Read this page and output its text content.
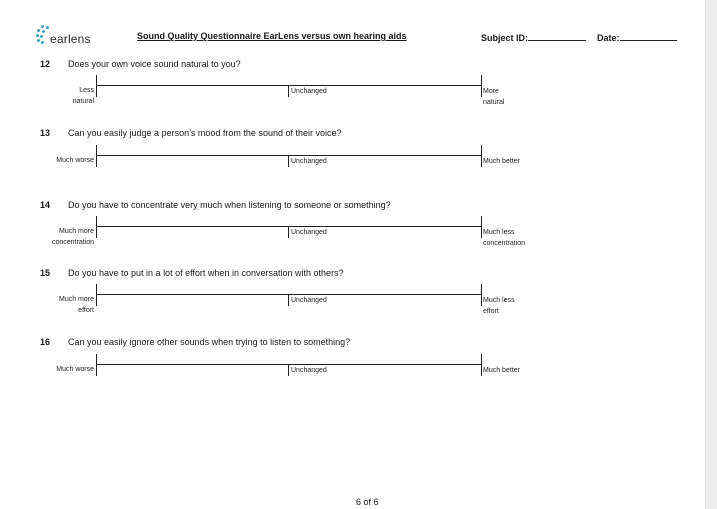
earlens	Sound Quality Questionnaire EarLens versus own hearing aids	Subject ID:	Date:
12 Does your own voice sound natural to you?
Less
natural
Unchanged	More
natural
13 Can you easily judge a person’s mood from the sound of their voice?
Much worse	Unchanged	Much better
14 Do you have to concentrate very much when listening to someone or something?
Much more
concentration
Unchanged	Much less
concentration
15 Do you have to put in a lot of effort when in conversation with others?
Much more
effort
Unchanged	Much less
effort
16 Can you easily ignore other sounds when trying to listen to something?
Much worse	Unchanged	Much better
6 of 6
